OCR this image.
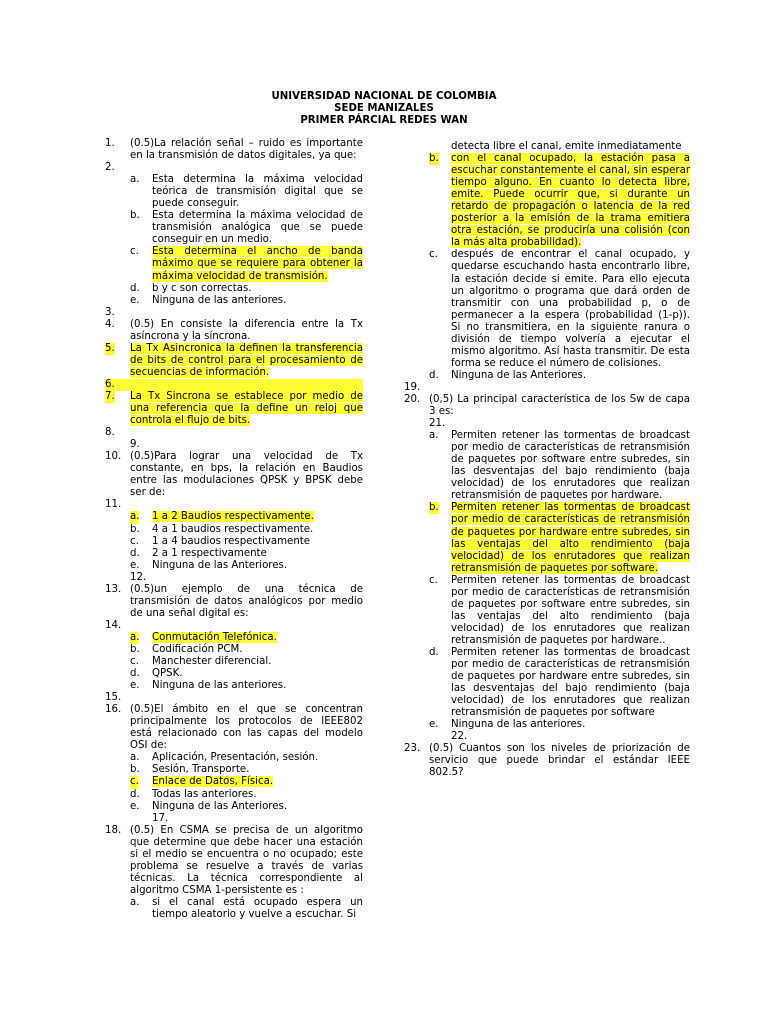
UNIVERSIDAD NACIONAL DE COLOMBIA
SEDE MANIZALES
PRIMER PÁRCIAL REDES WAN
1. (0.5)La relación señal – ruido es importante en la transmisión de datos digitales, ya que:
2.

a. Esta determina la máxima velocidad teórica de transmisión digital que se puede conseguir.
b. Esta determina la máxima velocidad de transmisión analógica que se puede conseguir en un medio.
c. Esta determina el ancho de banda máximo que se requiere para obtener la máxima velocidad de transmisión.
d. b y c son correctas.
e. Ninguna de las anteriores.
3.

4. (0.5) En consiste la diferencia entre la Tx asíncrona y la síncrona.
5. La Tx Asincronica la definen la transferencia de bits de control para el procesamiento de secuencias de información.
6.

7. La Tx Sincrona se establece por medio de una referencia que la define un reloj que controla el flujo de bits.
8.

9.
10. (0.5)Para lograr una velocidad de Tx constante, en bps, la relación en Baudios entre las modulaciones QPSK y BPSK debe ser de:
11.

a. 1 a 2 Baudios respectivamente.
b. 4 a 1 baudios respectivamente.
c. 1 a 4 baudios respectivamente
d. 2 a 1 respectivamente
e. Ninguna de las Anteriores.
12.
13. (0.5)un ejemplo de una técnica de transmisión de datos analógicos por medio de una señal digital es:
14.

a. Conmutación Telefónica.
b. Codificación PCM.
c. Manchester diferencial.
d. QPSK.
e. Ninguna de las anteriores.
15.

16. (0.5)El ámbito en el que se concentran principalmente los protocolos de IEEE802 está relacionado con las capas del modelo OSI de:
a. Aplicación, Presentación, sesión.
b. Sesión, Transporte.
c. Enlace de Datos, Física.
d. Todas las anteriores.
e. Ninguna de las Anteriores.
17.
18. (0.5) En CSMA se precisa de un algoritmo que determine que debe hacer una estación si el medio se encuentra o no ocupado; este problema se resuelve a través de varias técnicas. La técnica correspondiente al algoritmo CSMA 1-persistente es :
a. si el canal está ocupado espera un tiempo aleatorio y vuelve a escuchar. Si
detecta libre el canal, emite inmediatamente
b. con el canal ocupado, la estación pasa a escuchar constantemente el canal, sin esperar tiempo alguno. En cuanto lo detecta libre, emite. Puede ocurrir que, si durante un retardo de propagación o latencia de la red posterior a la emisión de la trama emitiera otra estación, se produciría una colisión (con la más alta probabilidad).
c. después de encontrar el canal ocupado, y quedarse escuchando hasta encontrarlo libre, la estación decide si emite. Para ello ejecuta un algoritmo o programa que dará orden de transmitir con una probabilidad p, o de permanecer a la espera (probabilidad (1-p)). Si no transmitiera, en la siguiente ranura o división de tiempo volvería a ejecutar el mismo algoritmo. Así hasta transmitir. De esta forma se reduce el número de colisiones.
d. Ninguna de las Anteriores.
19.

20. (0,5) La principal característica de los Sw de capa 3 es:
21.
a. Permiten retener las tormentas de broadcast por medio de características de retransmisión de paquetes por software entre subredes, sin las desventajas del bajo rendimiento (baja velocidad) de los enrutadores que realizan retransmisión de paquetes por hardware.
b. Permiten retener las tormentas de broadcast por medio de características de retransmisión de paquetes por hardware entre subredes, sin las ventajas del alto rendimiento (baja velocidad) de los enrutadores que realizan retransmisión de paquetes por software.
c. Permiten retener las tormentas de broadcast por medio de características de retransmisión de paquetes por software entre subredes, sin las ventajas del alto rendimiento (baja velocidad) de los enrutadores que realizan retransmisión de paquetes por hardware..
d. Permiten retener las tormentas de broadcast por medio de características de retransmisión de paquetes por hardware entre subredes, sin las desventajas del bajo rendimiento (baja velocidad) de los enrutadores que realizan retransmisión de paquetes por software
e. Ninguna de las anteriores.
22.
23. (0.5) Cuantos son los niveles de priorización de servicio que puede brindar el estándar IEEE 802.5?
